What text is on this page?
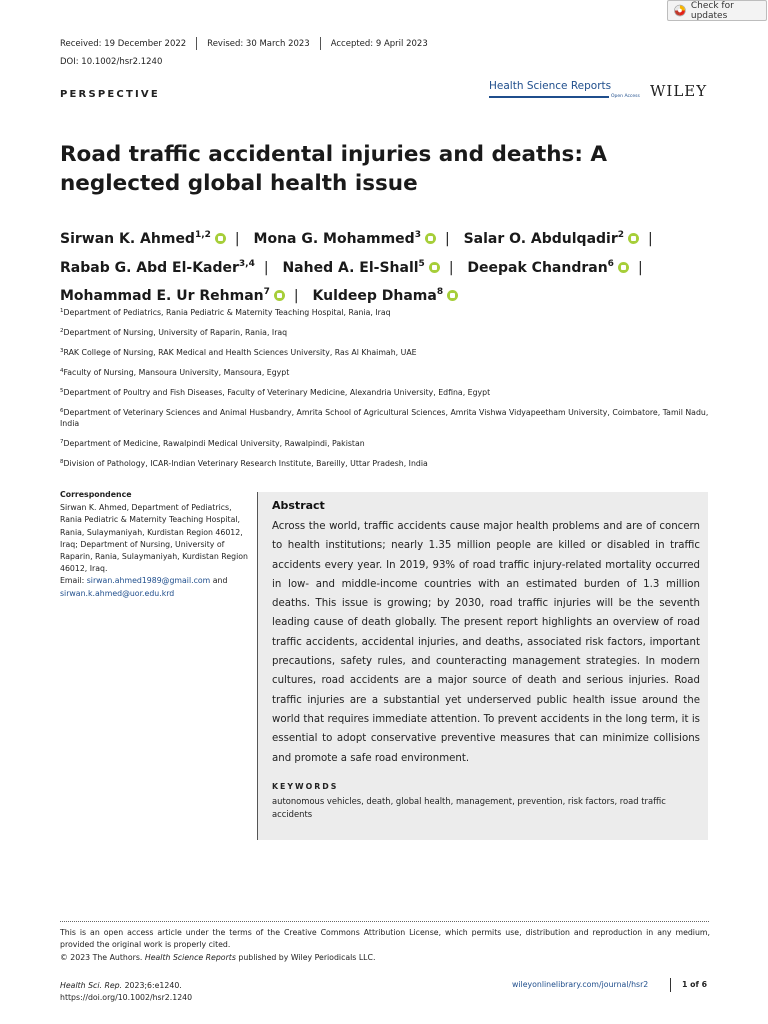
Check for updates
Received: 19 December 2022	Revised: 30 March 2023	Accepted: 9 April 2023
DOI: 10.1002/hsr2.1240
PERSPECTIVE
Health Science Reports
Open Access WILEY
Road traffic accidental injuries and deaths: A neglected global health issue
Sirwan K. Ahmed$^{1,2}$ | Mona G. Mohammed$^3$ | Salar O. Abdulqadir$^2$ |
Rabab G. Abd El-Kader$^{3,4}$ | Nahed A. El-Shall$^5$ | Deepak Chandran$^6$ |
Mohammad E. Ur Rehman$^7$ | Kuldeep Dhama$^8$
$^1$Department of Pediatrics, Rania Pediatric & Maternity Teaching Hospital, Rania, Iraq
$^2$Department of Nursing, University of Raparin, Rania, Iraq
$^3$RAK College of Nursing, RAK Medical and Health Sciences University, Ras Al Khaimah, UAE
$^4$Faculty of Nursing, Mansoura University, Mansoura, Egypt
$^5$Department of Poultry and Fish Diseases, Faculty of Veterinary Medicine, Alexandria University, Edfina, Egypt
$^6$Department of Veterinary Sciences and Animal Husbandry, Amrita School of Agricultural Sciences, Amrita Vishwa Vidyapeetham University, Coimbatore, Tamil Nadu, India
$^7$Department of Medicine, Rawalpindi Medical University, Rawalpindi, Pakistan
$^8$Division of Pathology, ICAR-Indian Veterinary Research Institute, Bareilly, Uttar Pradesh, India
Correspondence
Sirwan K. Ahmed, Department of Pediatrics, Rania Pediatric & Maternity Teaching Hospital, Rania, Sulaymaniyah, Kurdistan Region 46012, Iraq; Department of Nursing, University of Raparin, Rania, Sulaymaniyah, Kurdistan Region 46012, Iraq.
Email: sirwan.ahmed1989@gmail.com and
sirwan.k.ahmed@uor.edu.krd
Abstract

Across the world, traffic accidents cause major health problems and are of concern to health institutions; nearly 1.35 million people are killed or disabled in traffic accidents every year. In 2019, 93% of road traffic injury-related mortality occurred in low- and middle-income countries with an estimated burden of 1.3 million deaths. This issue is growing; by 2030, road traffic injuries will be the seventh leading cause of death globally. The present report highlights an overview of road traffic accidents, accidental injuries, and deaths, associated risk factors, important precautions, safety rules, and counteracting management strategies. In modern cultures, road accidents are a major source of death and serious injuries. Road traffic injuries are a substantial yet underserved public health issue around the world that requires immediate attention. To prevent accidents in the long term, it is essential to adopt conservative preventive measures that can minimize collisions and promote a safe road environment.

KEYWORDS
autonomous vehicles, death, global health, management, prevention, risk factors, road traffic accidents
This is an open access article under the terms of the Creative Commons Attribution License, which permits use, distribution and reproduction in any medium, provided the original work is properly cited.
© 2023 The Authors. Health Science Reports published by Wiley Periodicals LLC.
Health Sci. Rep. 2023;6:e1240.
https://doi.org/10.1002/hsr2.1240
wileyonlinelibrary.com/journal/hsr2	1 of 6
